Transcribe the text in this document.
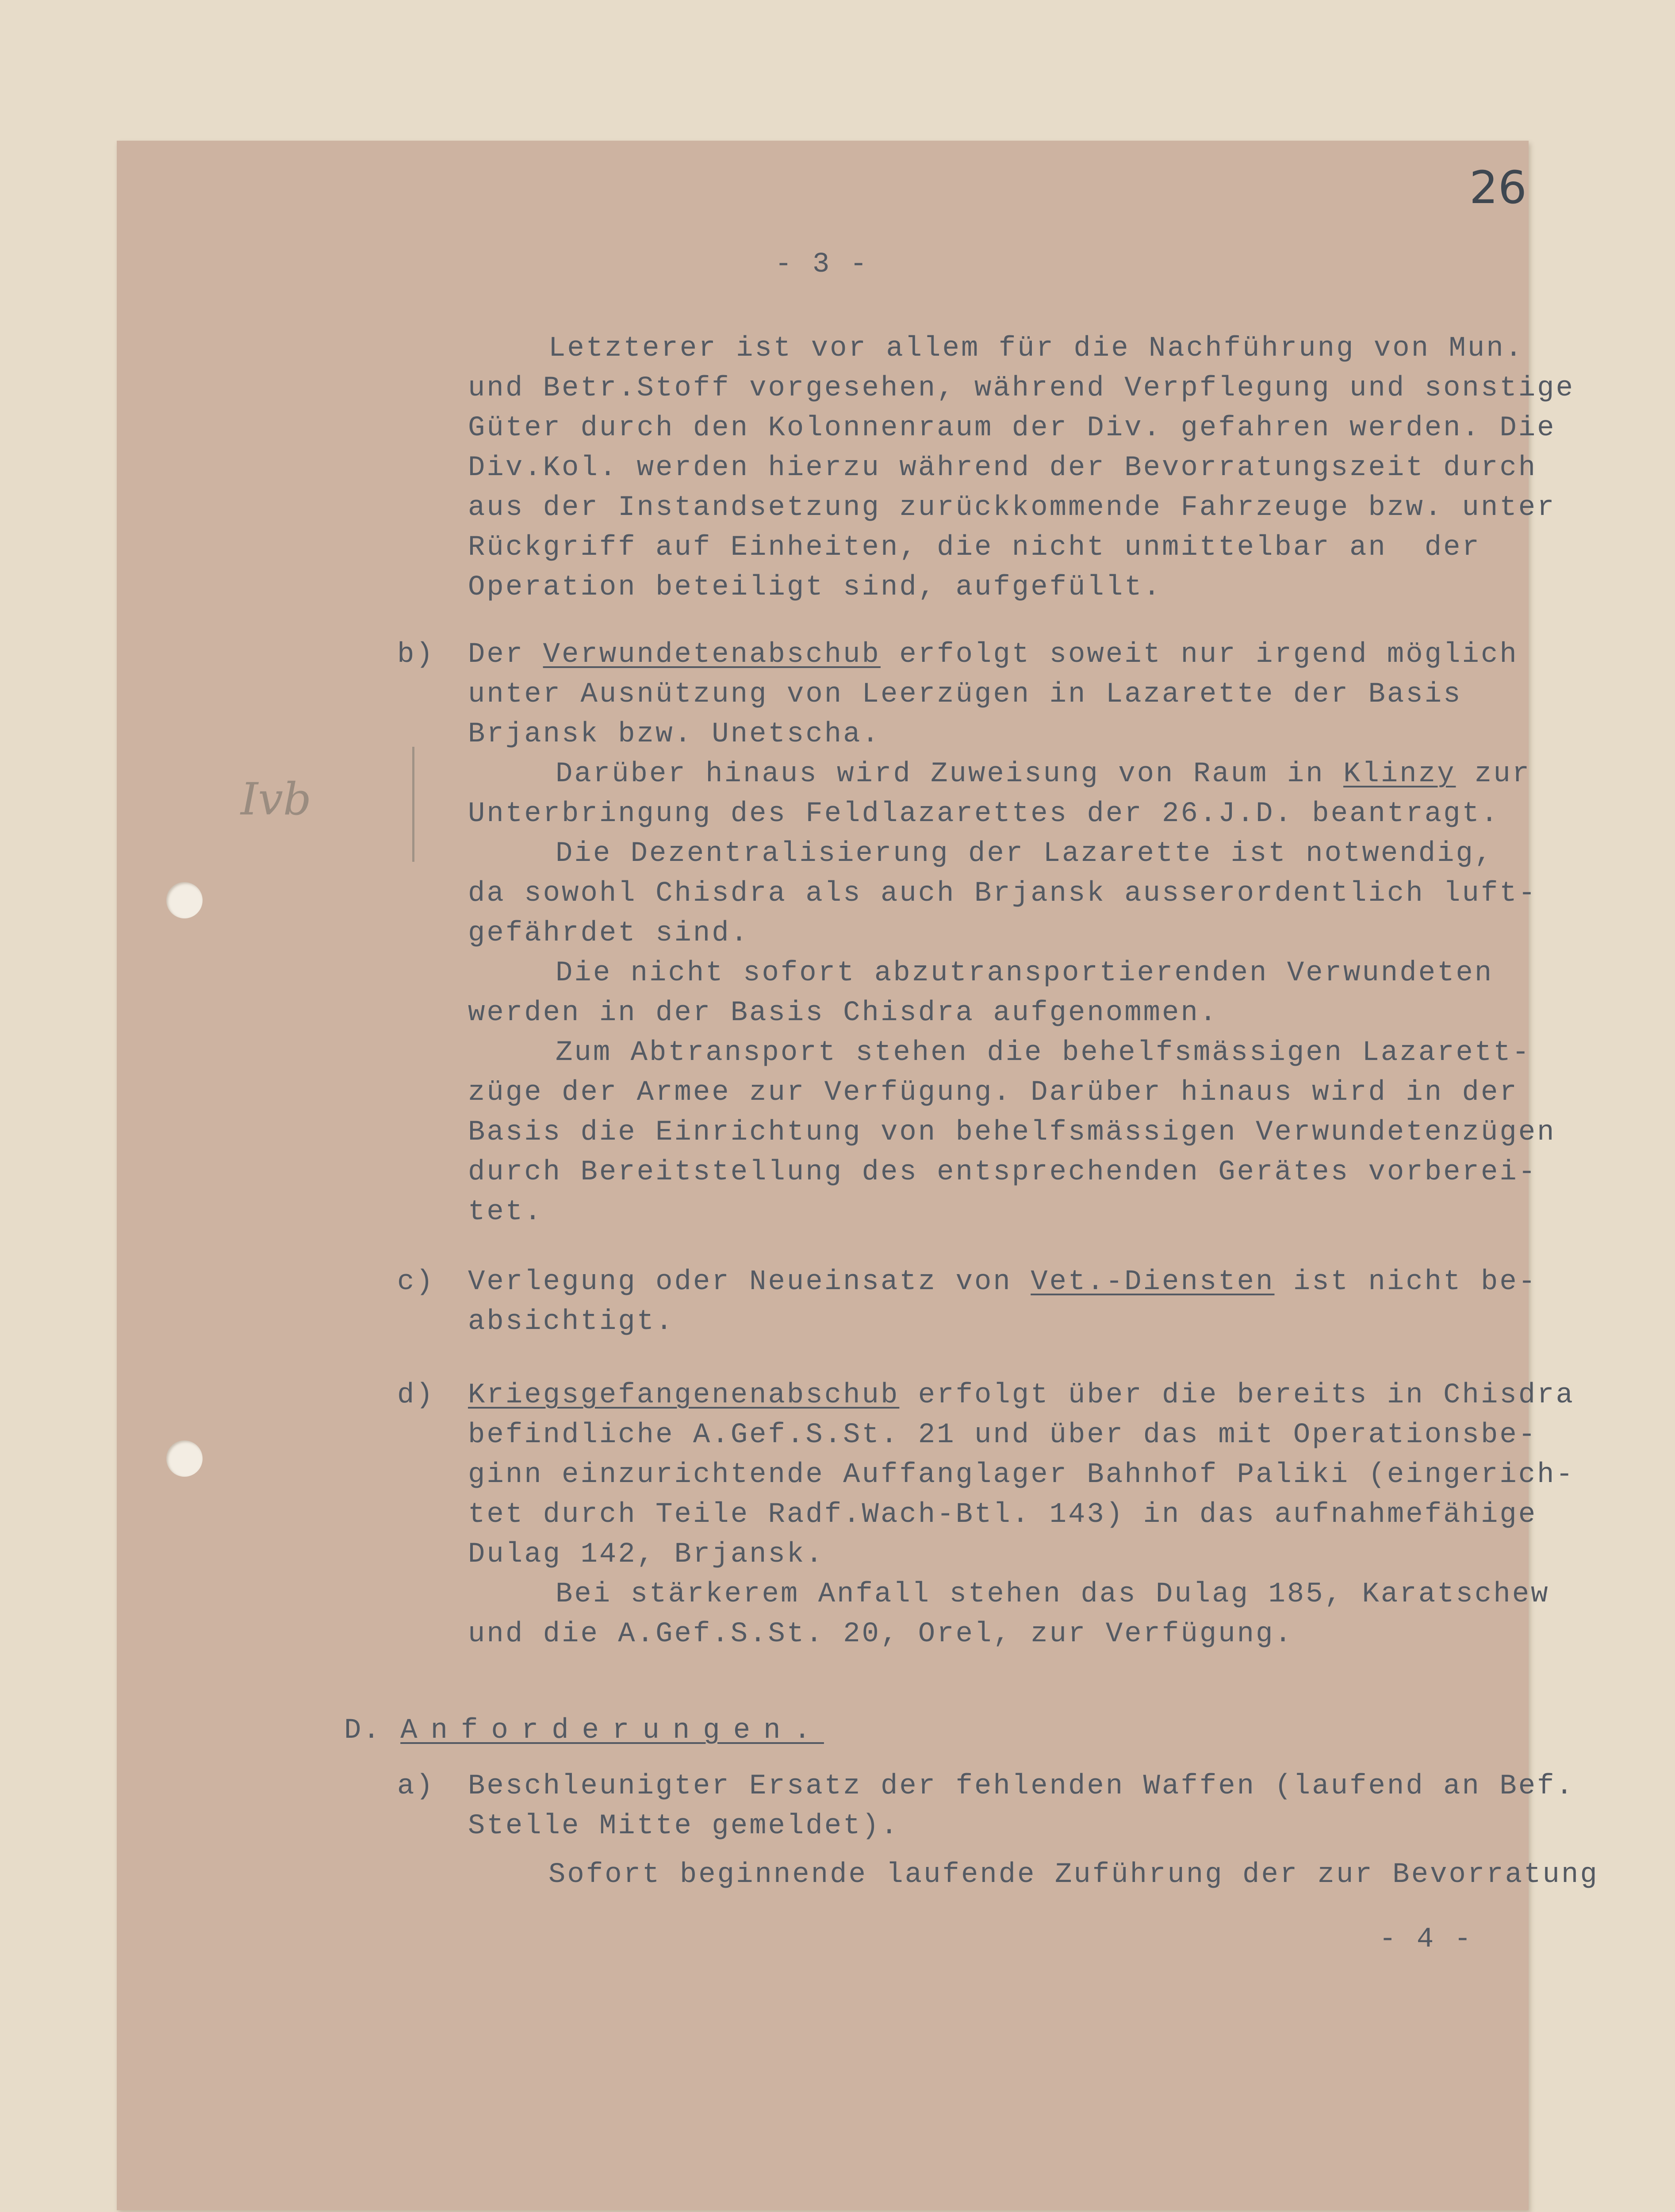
Ivb
26
- 3 -
Letzterer ist vor allem für die Nachführung von Mun.
und Betr.Stoff vorgesehen, während Verpflegung und sonstige
Güter durch den Kolonnenraum der Div. gefahren werden. Die
Div.Kol. werden hierzu während der Bevorratungszeit durch
aus der Instandsetzung zurückkommende Fahrzeuge bzw. unter
Rückgriff auf Einheiten, die nicht unmittelbar an  der
Operation beteiligt sind, aufgefüllt.
b) Der Verwundetenabschub erfolgt soweit nur irgend möglich
unter Ausnützung von Leerzügen in Lazarette der Basis
Brjansk bzw. Unetscha.
Darüber hinaus wird Zuweisung von Raum in Klinzy zur
Unterbringung des Feldlazarettes der 26.J.D. beantragt.
Die Dezentralisierung der Lazarette ist notwendig,
da sowohl Chisdra als auch Brjansk ausserordentlich luft-
gefährdet sind.
Die nicht sofort abzutransportierenden Verwundeten
werden in der Basis Chisdra aufgenommen.
Zum Abtransport stehen die behelfsmässigen Lazarett-
züge der Armee zur Verfügung. Darüber hinaus wird in der
Basis die Einrichtung von behelfsmässigen Verwundetenzügen
durch Bereitstellung des entsprechenden Gerätes vorberei-
tet.
c) Verlegung oder Neueinsatz von Vet.-Diensten ist nicht be-
absichtigt.
d) Kriegsgefangenenabschub erfolgt über die bereits in Chisdra
befindliche A.Gef.S.St. 21 und über das mit Operationsbe-
ginn einzurichtende Auffanglager Bahnhof Paliki (eingerich-
tet durch Teile Radf.Wach-Btl. 143) in das aufnahmefähige
Dulag 142, Brjansk.
Bei stärkerem Anfall stehen das Dulag 185, Karatschew
und die A.Gef.S.St. 20, Orel, zur Verfügung.
D. Anforderungen.
a) Beschleunigter Ersatz der fehlenden Waffen (laufend an Bef.
Stelle Mitte gemeldet).
Sofort beginnende laufende Zuführung der zur Bevorratung
- 4 -
